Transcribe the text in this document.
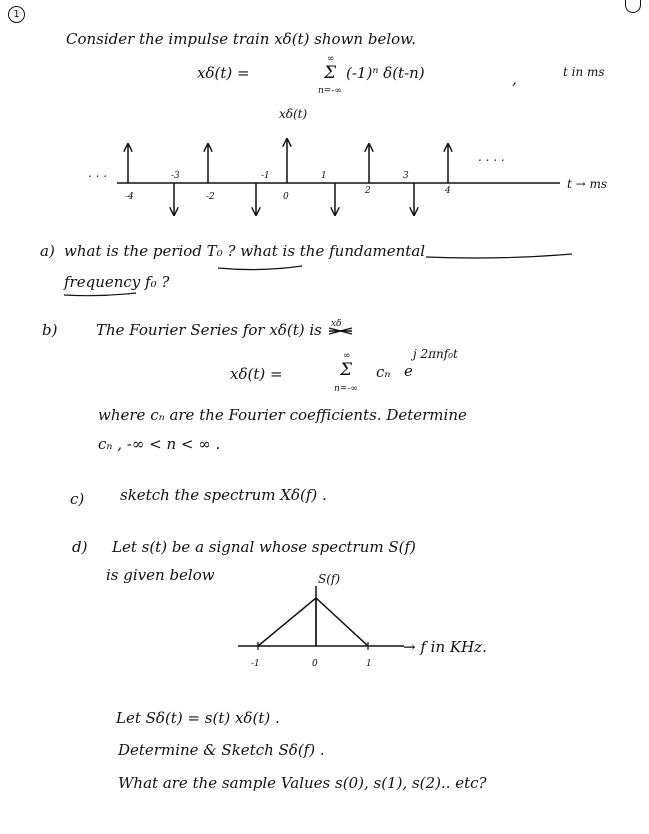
1
Consider the impulse train xδ(t) shown below.
xδ(t) =
∞
Σ
n=-∞
(-1)ⁿ δ(t-n)	,	t in ms
xδ(t)
. . .
. . . .
t → ms
-3	-1	1	3
-4	-2	0
2	4
a) what is the period T₀ ? what is the fundamental
frequency f₀ ?
b)	The Fourier Series for xδ(t) is xδ
xδ(t) =
∞
Σ
n=-∞
cₙ e
j 2πnf₀t
where cₙ are the Fourier coefficients. Determine
cₙ , -∞ < n < ∞ .
c) sketch the spectrum Xδ(f) .
d) Let s(t) be a signal whose spectrum S(f)
is given below	S(f)
-1	0	1
→ f in KHz.
Let Sδ(t) = s(t) xδ(t) .
Determine & Sketch Sδ(f) .
What are the sample Values s(0), s(1), s(2).. etc?
